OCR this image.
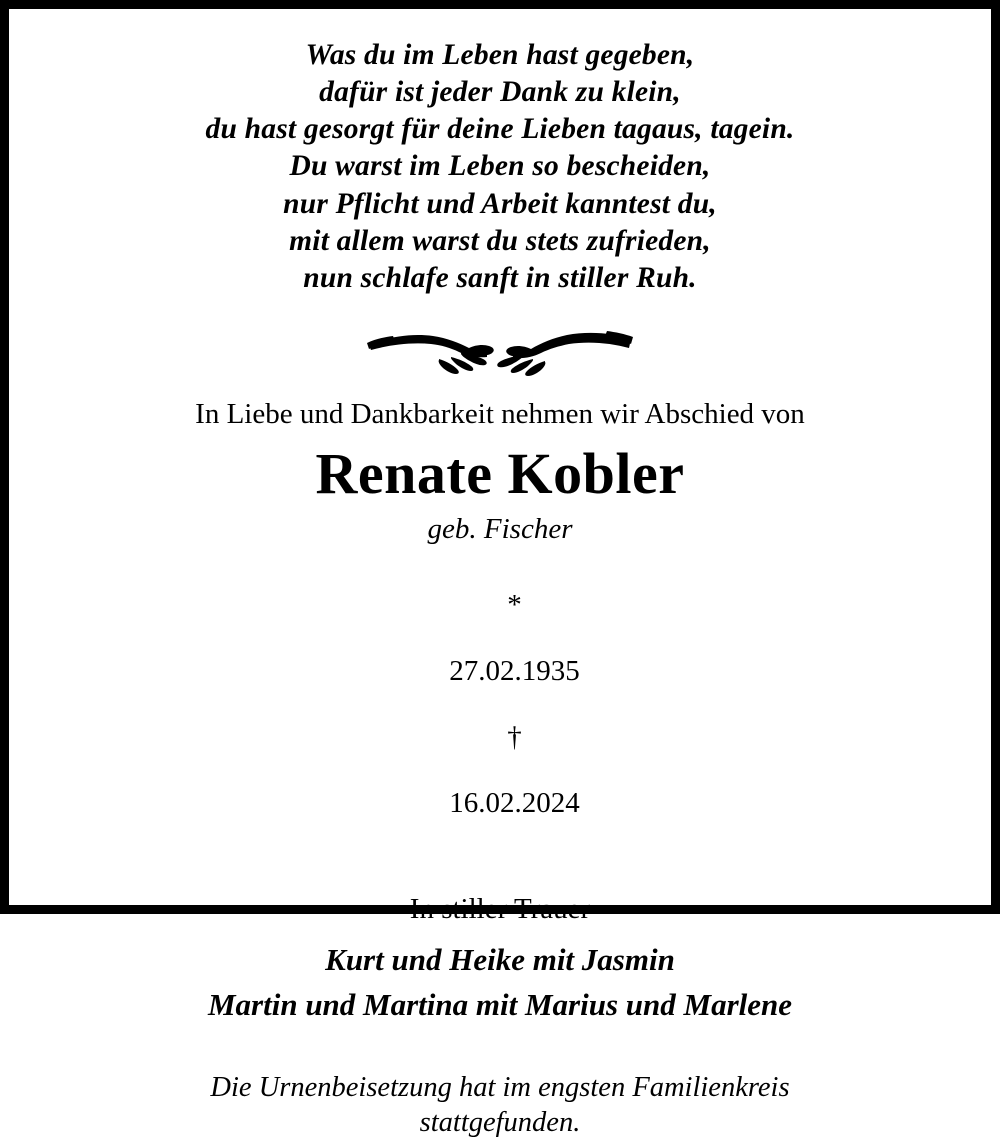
Was du im Leben hast gegeben,
dafür ist jeder Dank zu klein,
du hast gesorgt für deine Lieben tagaus, tagein.
Du warst im Leben so bescheiden,
nur Pflicht und Arbeit kanntest du,
mit allem warst du stets zufrieden,
nun schlafe sanft in stiller Ruh.
In Liebe und Dankbarkeit nehmen wir Abschied von
Renate Kobler
geb. Fischer

*

27.02.1935

†

16.02.2024

In stiller Trauer
Kurt und Heike mit Jasmin
Martin und Martina mit Marius und Marlene
Die Urnenbeisetzung hat im engsten Familienkreis
stattgefunden.
